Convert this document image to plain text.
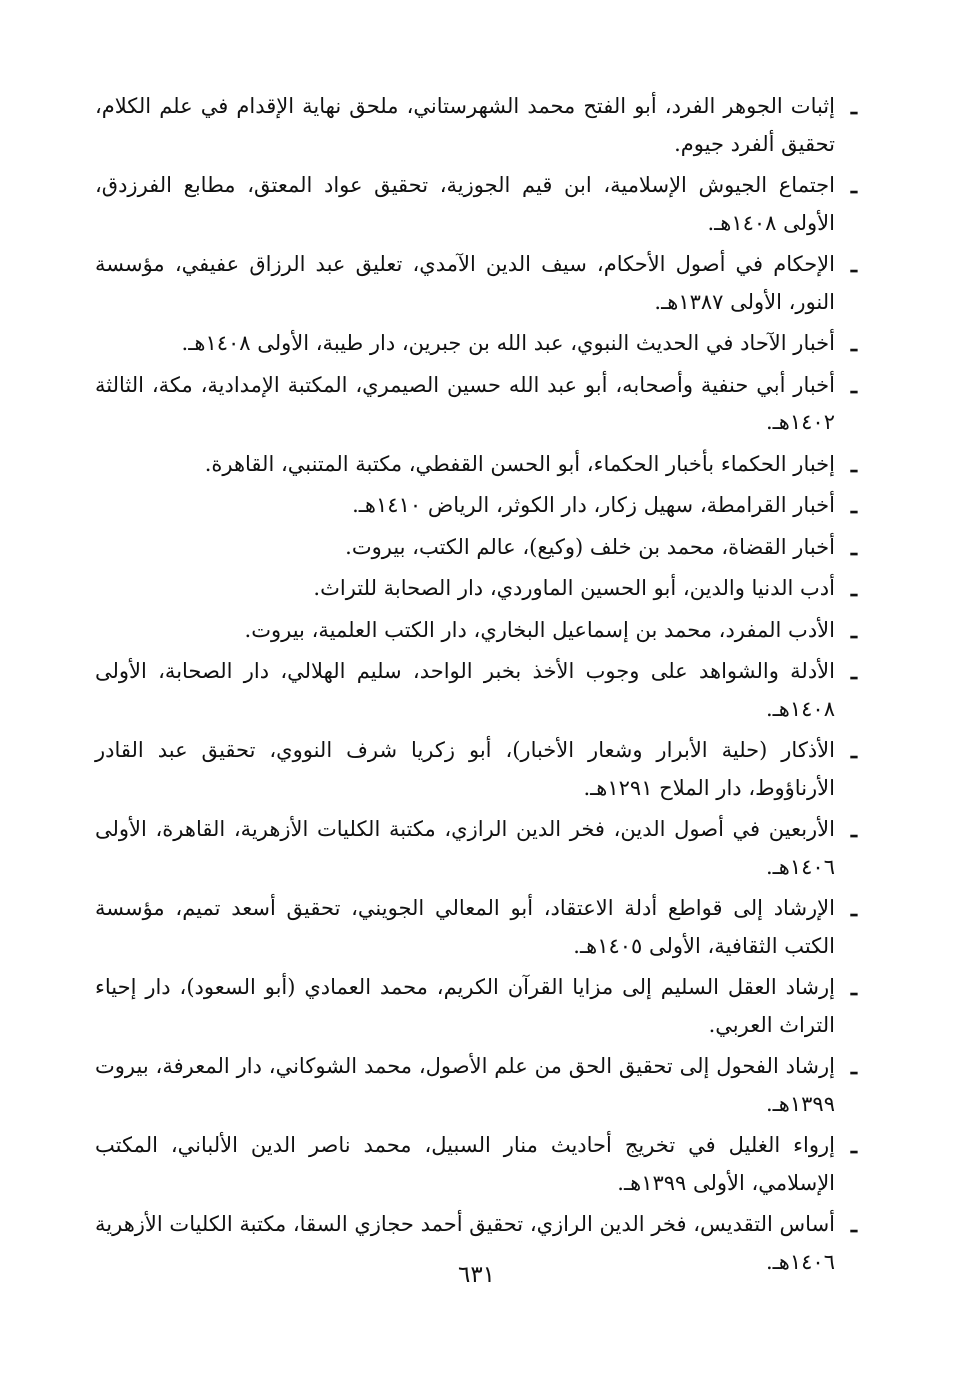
ـ
إثبات الجوهر الفرد، أبو الفتح محمد الشهرستاني، ملحق نهاية الإقدام في علم الكلام، تحقيق ألفرد جيوم.
ـ
اجتماع الجيوش الإسلامية، ابن قيم الجوزية، تحقيق عواد المعتق، مطابع الفرزدق، الأولى ١٤٠٨هـ.
ـ
الإحكام في أصول الأحكام، سيف الدين الآمدي، تعليق عبد الرزاق عفيفي، مؤسسة النور، الأولى ١٣٨٧هـ.
ـ
أخبار الآحاد في الحديث النبوي، عبد الله بن جبرين، دار طيبة، الأولى ١٤٠٨هـ.
ـ
أخبار أبي حنفية وأصحابه، أبو عبد الله حسين الصيمري، المكتبة الإمدادية، مكة، الثالثة ١٤٠٢هـ.
ـ
إخبار الحكماء بأخبار الحكماء، أبو الحسن القفطي، مكتبة المتنبي، القاهرة.
ـ
أخبار القرامطة، سهيل زكار، دار الكوثر، الرياض ١٤١٠هـ.
ـ
أخبار القضاة، محمد بن خلف (وكيع)، عالم الكتب، بيروت.
ـ
أدب الدنيا والدين، أبو الحسين الماوردي، دار الصحابة للتراث.
ـ
الأدب المفرد، محمد بن إسماعيل البخاري، دار الكتب العلمية، بيروت.
ـ
الأدلة والشواهد على وجوب الأخذ بخبر الواحد، سليم الهلالي، دار الصحابة، الأولى ١٤٠٨هـ.
ـ
الأذكار (حلية الأبرار وشعار الأخبار)، أبو زكريا شرف النووي، تحقيق عبد القادر الأرناؤوط، دار الملاح ١٢٩١هـ.
ـ
الأربعين في أصول الدين، فخر الدين الرازي، مكتبة الكليات الأزهرية، القاهرة، الأولى ١٤٠٦هـ.
ـ
الإرشاد إلى قواطع أدلة الاعتقاد، أبو المعالي الجويني، تحقيق أسعد تميم، مؤسسة الكتب الثقافية، الأولى ١٤٠٥هـ.
ـ
إرشاد العقل السليم إلى مزايا القرآن الكريم، محمد العمادي (أبو السعود)، دار إحياء التراث العربي.
ـ
إرشاد الفحول إلى تحقيق الحق من علم الأصول، محمد الشوكاني، دار المعرفة، بيروت ١٣٩٩هـ.
ـ
إرواء الغليل في تخريج أحاديث منار السبيل، محمد ناصر الدين الألباني، المكتب الإسلامي، الأولى ١٣٩٩هـ.
ـ
أساس التقديس، فخر الدين الرازي، تحقيق أحمد حجازي السقا، مكتبة الكليات الأزهرية ١٤٠٦هـ.
٦٣١
